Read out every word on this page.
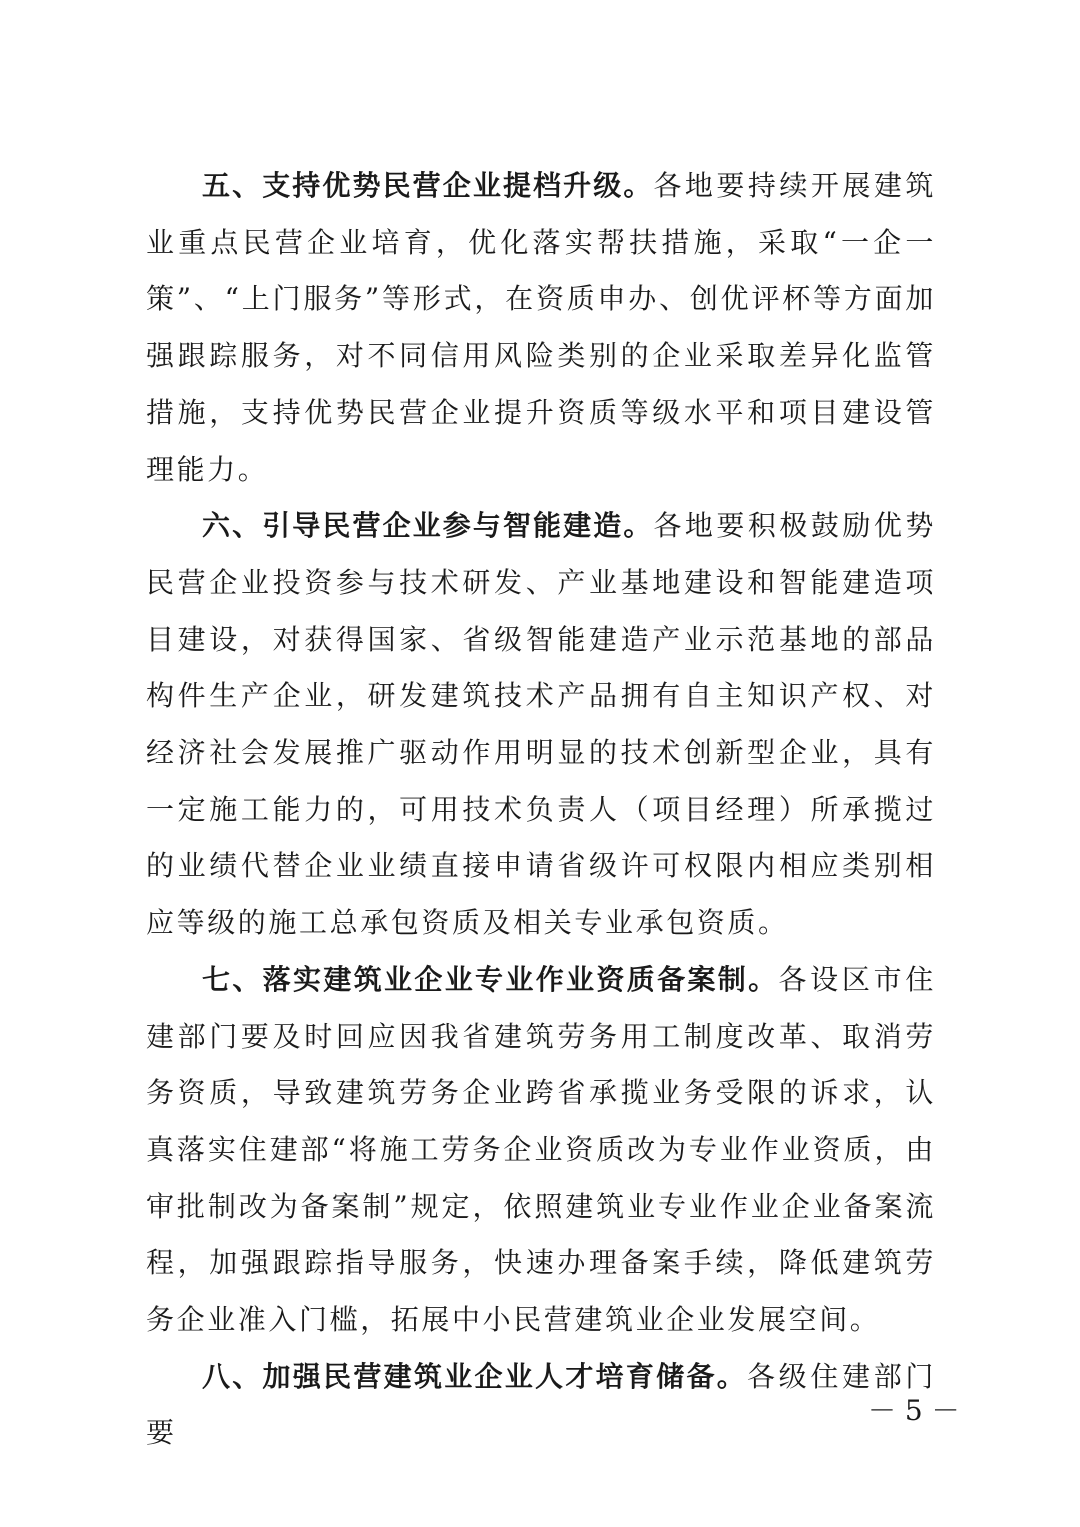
五、支持优势民营企业提档升级。各地要持续开展建筑业重点民营企业培育，优化落实帮扶措施，采取“一企一策”、“上门服务”等形式，在资质申办、创优评杯等方面加强跟踪服务，对不同信用风险类别的企业采取差异化监管措施，支持优势民营企业提升资质等级水平和项目建设管理能力。

六、引导民营企业参与智能建造。各地要积极鼓励优势民营企业投资参与技术研发、产业基地建设和智能建造项目建设，对获得国家、省级智能建造产业示范基地的部品构件生产企业，研发建筑技术产品拥有自主知识产权、对经济社会发展推广驱动作用明显的技术创新型企业，具有一定施工能力的，可用技术负责人（项目经理）所承揽过的业绩代替企业业绩直接申请省级许可权限内相应类别相应等级的施工总承包资质及相关专业承包资质。

七、落实建筑业企业专业作业资质备案制。各设区市住建部门要及时回应因我省建筑劳务用工制度改革、取消劳务资质，导致建筑劳务企业跨省承揽业务受限的诉求，认真落实住建部“将施工劳务企业资质改为专业作业资质，由审批制改为备案制”规定，依照建筑业专业作业企业备案流程，加强跟踪指导服务，快速办理备案手续，降低建筑劳务企业准入门槛，拓展中小民营建筑业企业发展空间。

八、加强民营建筑业企业人才培育储备。各级住建部门要

－ 5 －
